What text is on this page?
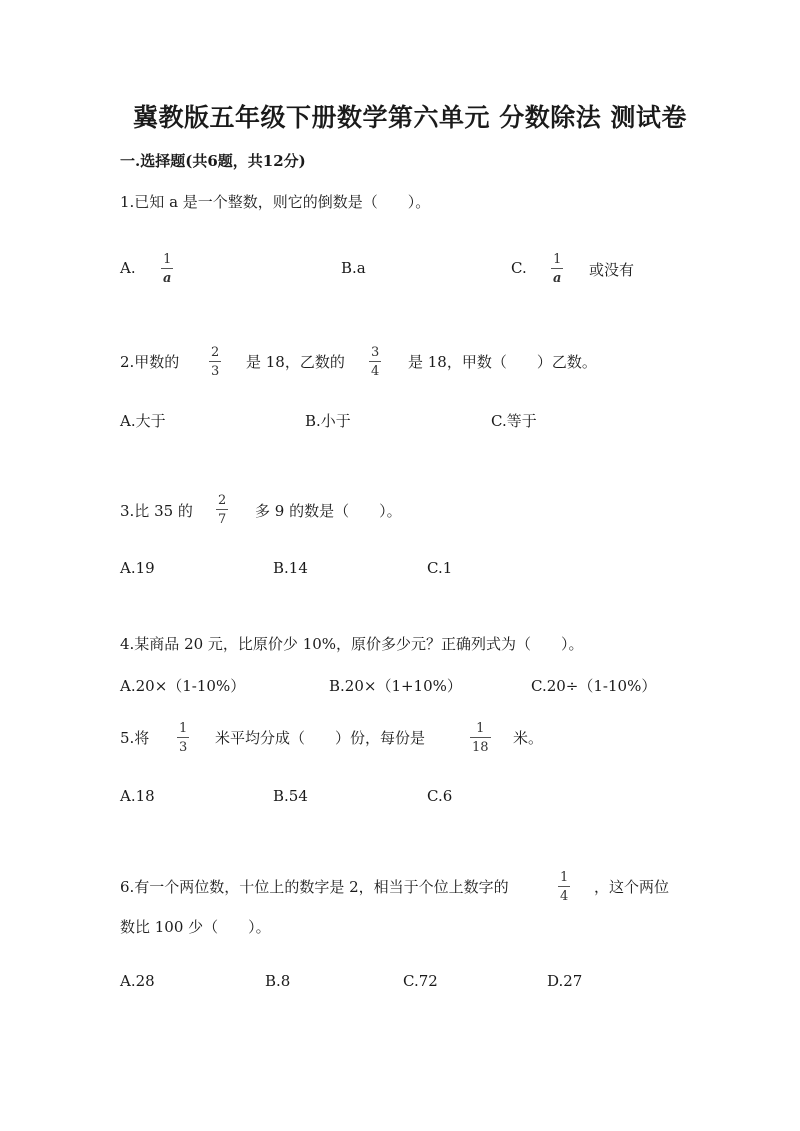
冀教版五年级下册数学第六单元 分数除法 测试卷
一.选择题(共6题，共12分)
1.已知 a 是一个整数，则它的倒数是（　　）。
A. 1
a
B.a	C. 1
a 或没有
2.甲数的
2
3
是 18，乙数的
3
4
是 18，甲数（　　）乙数。
A.大于	B.小于	C.等于
3.比 35 的
2
7 多 9 的数是（　　）。
A.19	B.14	C.1
4.某商品 20 元，比原价少 10%，原价多少元？正确列式为（　　）。
A.20×（1-10%）	B.20×（1+10%）	C.20÷（1-10%）
5.将
1
3
米平均分成（　　）份，每份是
1
18
米。
A.18	B.54	C.6
6.有一个两位数，十位上的数字是 2，相当于个位上数字的
1
4
，这个两位
数比 100 少（　　）。
A.28	B.8	C.72	D.27
